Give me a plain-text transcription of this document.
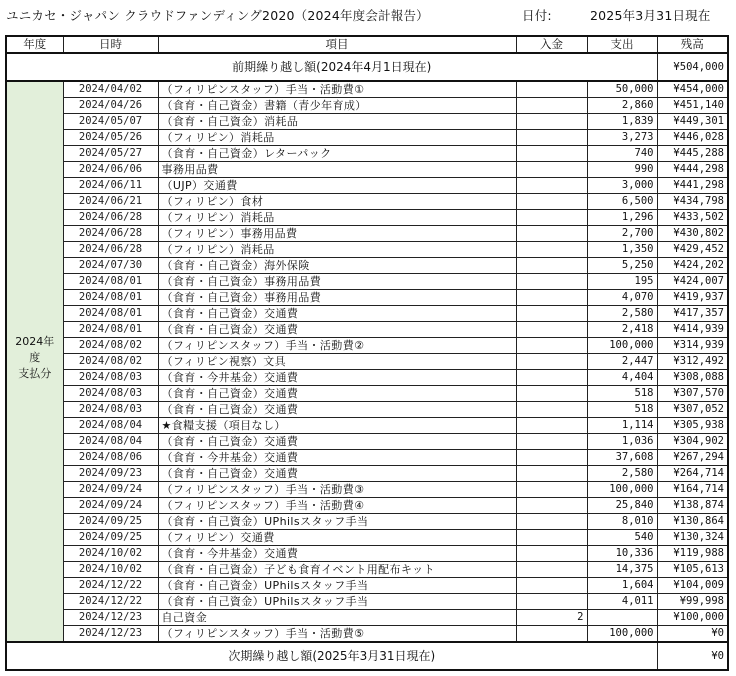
ユニカセ・ジャパン クラウドファンディング2020（2024年度会計報告）	日付:	2025年3月31日現在
年度	日時	項目	入金	支出	残高
前期繰り越し額(2024年4月1日現在)					¥504,000

2024年度
支払分	2024/04/02	（フィリピンスタッフ）手当・活動費①		50,000	¥454,000
	2024/04/26	（食育・自己資金）書籍（青少年育成）		2,860	¥451,140
	2024/05/07	（食育・自己資金）消耗品		1,839	¥449,301
	2024/05/26	（フィリピン）消耗品		3,273	¥446,028
	2024/05/27	（食育・自己資金）レターパック		740	¥445,288
	2024/06/06	事務用品費		990	¥444,298
	2024/06/11	（UJP）交通費		3,000	¥441,298
	2024/06/21	（フィリピン）食材		6,500	¥434,798
	2024/06/28	（フィリピン）消耗品		1,296	¥433,502
	2024/06/28	（フィリピン）事務用品費		2,700	¥430,802
	2024/06/28	（フィリピン）消耗品		1,350	¥429,452
	2024/07/30	（食育・自己資金）海外保険		5,250	¥424,202
	2024/08/01	（食育・自己資金）事務用品費		195	¥424,007
	2024/08/01	（食育・自己資金）事務用品費		4,070	¥419,937
	2024/08/01	（食育・自己資金）交通費		2,580	¥417,357
	2024/08/01	（食育・自己資金）交通費		2,418	¥414,939
	2024/08/02	（フィリピンスタッフ）手当・活動費②		100,000	¥314,939
	2024/08/02	（フィリピン視察）文具		2,447	¥312,492
	2024/08/03	（食育・今井基金）交通費		4,404	¥308,088
	2024/08/03	（食育・自己資金）交通費		518	¥307,570
	2024/08/03	（食育・自己資金）交通費		518	¥307,052
	2024/08/04	★食糧支援（項目なし）		1,114	¥305,938
	2024/08/04	（食育・自己資金）交通費		1,036	¥304,902
	2024/08/06	（食育・今井基金）交通費		37,608	¥267,294
	2024/09/23	（食育・自己資金）交通費		2,580	¥264,714
	2024/09/24	（フィリピンスタッフ）手当・活動費③		100,000	¥164,714
	2024/09/24	（フィリピンスタッフ）手当・活動費④		25,840	¥138,874
	2024/09/25	（食育・自己資金）UPhilsスタッフ手当		8,010	¥130,864
	2024/09/25	（フィリピン）交通費		540	¥130,324
	2024/10/02	（食育・今井基金）交通費		10,336	¥119,988
	2024/10/02	（食育・自己資金）子ども食育イベント用配布キット		14,375	¥105,613
	2024/12/22	（食育・自己資金）UPhilsスタッフ手当		1,604	¥104,009
	2024/12/22	（食育・自己資金）UPhilsスタッフ手当		4,011	¥99,998
	2024/12/23	自己資金	2		¥100,000
	2024/12/23	（フィリピンスタッフ）手当・活動費⑤		100,000	¥0
次期繰り越し額(2025年3月31日現在)					¥0
